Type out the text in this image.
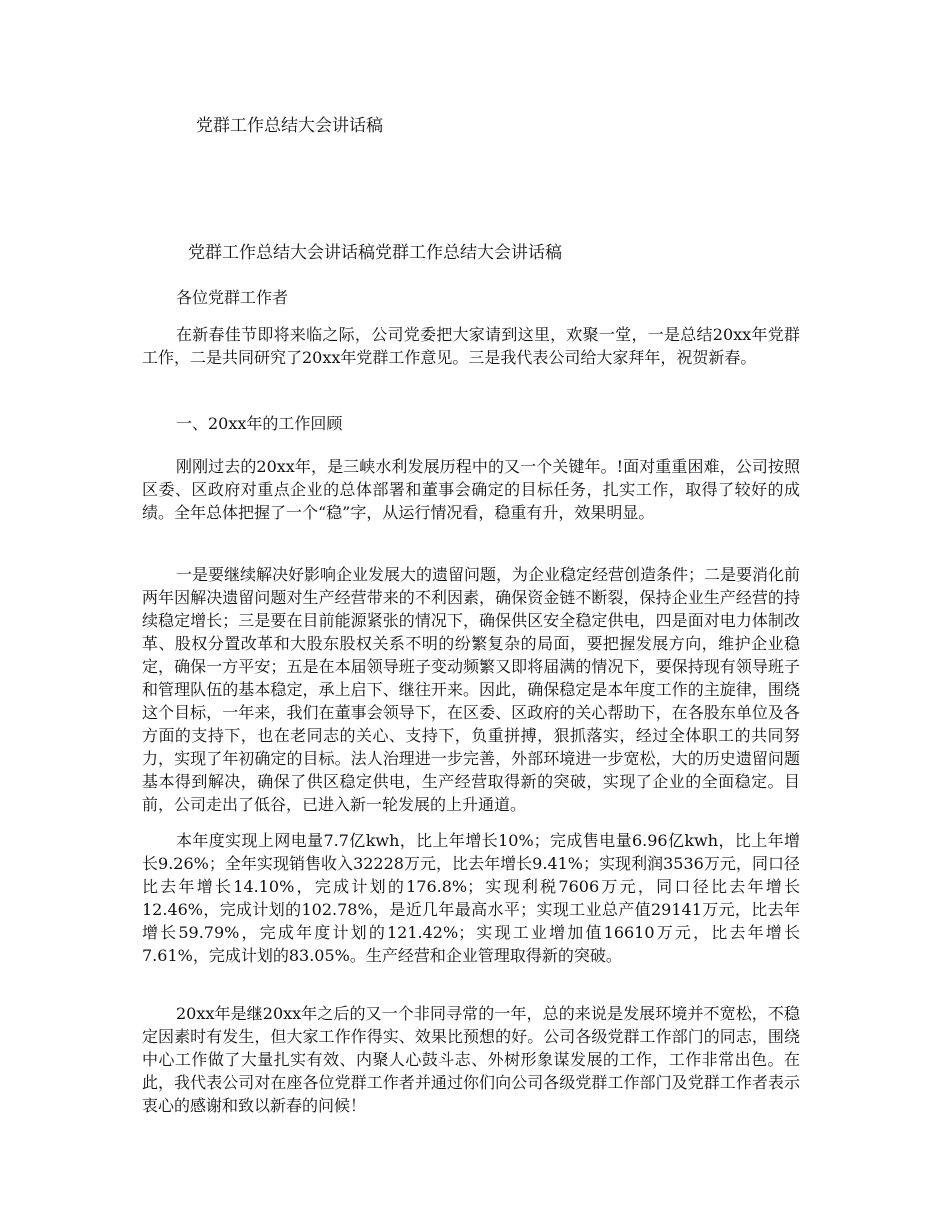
党群工作总结大会讲话稿
党群工作总结大会讲话稿党群工作总结大会讲话稿

各位党群工作者

在新春佳节即将来临之际，公司党委把大家请到这里，欢聚一堂，一是总结20xx年党群工作，二是共同研究了20xx年党群工作意见。三是我代表公司给大家拜年，祝贺新春。

一、20xx年的工作回顾

刚刚过去的20xx年，是三峡水利发展历程中的又一个关键年。!面对重重困难，公司按照区委、区政府对重点企业的总体部署和董事会确定的目标任务，扎实工作，取得了较好的成绩。全年总体把握了一个“稳”字，从运行情况看，稳重有升，效果明显。

一是要继续解决好影响企业发展大的遗留问题，为企业稳定经营创造条件；二是要消化前两年因解决遗留问题对生产经营带来的不利因素，确保资金链不断裂，保持企业生产经营的持续稳定增长；三是要在目前能源紧张的情况下，确保供区安全稳定供电，四是面对电力体制改革、股权分置改革和大股东股权关系不明的纷繁复杂的局面，要把握发展方向，维护企业稳定，确保一方平安；五是在本届领导班子变动频繁又即将届满的情况下，要保持现有领导班子和管理队伍的基本稳定，承上启下、继往开来。因此，确保稳定是本年度工作的主旋律，围绕这个目标，一年来，我们在董事会领导下，在区委、区政府的关心帮助下，在各股东单位及各方面的支持下，也在老同志的关心、支持下，负重拼搏，狠抓落实，经过全体职工的共同努力，实现了年初确定的目标。法人治理进一步完善，外部环境进一步宽松，大的历史遗留问题基本得到解决，确保了供区稳定供电，生产经营取得新的突破，实现了企业的全面稳定。目前，公司走出了低谷，已进入新一轮发展的上升通道。

本年度实现上网电量7.7亿kwh，比上年增长10%；完成售电量6.96亿kwh，比上年增长9.26%；全年实现销售收入32228万元，比去年增长9.41%；实现利润3536万元，同口径比去年增长14.10%，完成计划的176.8%；实现利税7606万元，同口径比去年增长12.46%，完成计划的102.78%，是近几年最高水平；实现工业总产值29141万元，比去年增长59.79%，完成年度计划的121.42%；实现工业增加值16610万元，比去年增长7.61%，完成计划的83.05%。生产经营和企业管理取得新的突破。

20xx年是继20xx年之后的又一个非同寻常的一年，总的来说是发展环境并不宽松，不稳定因素时有发生，但大家工作作得实、效果比预想的好。公司各级党群工作部门的同志，围绕中心工作做了大量扎实有效、内聚人心鼓斗志、外树形象谋发展的工作，工作非常出色。在此，我代表公司对在座各位党群工作者并通过你们向公司各级党群工作部门及党群工作者表示衷心的感谢和致以新春的问候！
